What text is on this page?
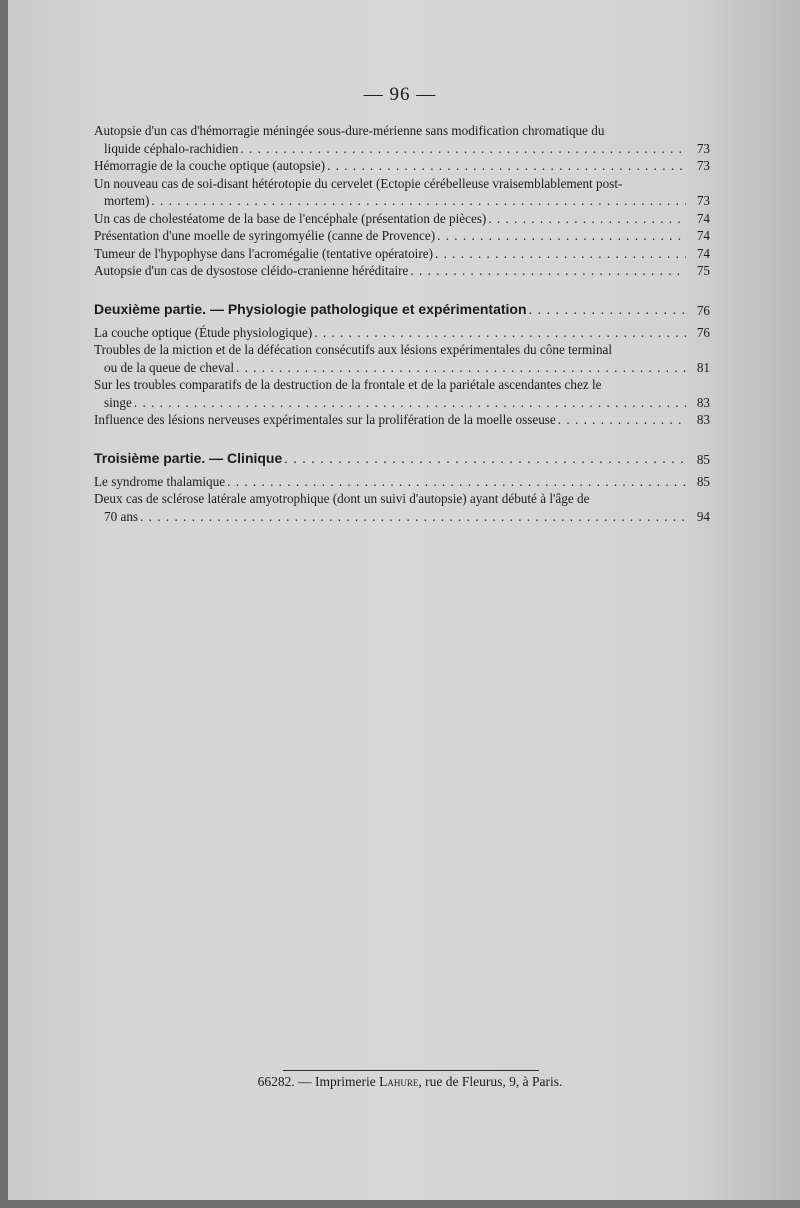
— 96 —
Autopsie d'un cas d'hémorragie méningée sous-dure-mérienne sans modification chromatique du
liquide céphalo-rachidien . . .	73
Hémorragie de la couche optique (autopsie) . . .	73
Un nouveau cas de soi-disant hétérotopie du cervelet (Ectopie cérébelleuse vraisemblablement post-
mortem) . . .	73
Un cas de cholestéatome de la base de l'encéphale (présentation de pièces) . . .	74
Présentation d'une moelle de syringomyélie (canne de Provence) . . .	74
Tumeur de l'hypophyse dans l'acromégalie (tentative opératoire) . . .	74
Autopsie d'un cas de dysostose cléido-cranienne héréditaire . . .	75
Deuxième partie. — Physiologie pathologique et expérimentation . . .	76
La couche optique (Étude physiologique) . . .	76
Troubles de la miction et de la défécation consécutifs aux lésions expérimentales du cône terminal
ou de la queue de cheval . . .	81
Sur les troubles comparatifs de la destruction de la frontale et de la pariétale ascendantes chez le
singe . . .	83
Influence des lésions nerveuses expérimentales sur la prolifération de la moelle osseuse . . .	83
Troisième partie. — Clinique . . .	85
Le syndrome thalamique . . .	85
Deux cas de sclérose latérale amyotrophique (dont un suivi d'autopsie) ayant débuté à l'âge de
70 ans . . .	94
66282. — Imprimerie Lahure, rue de Fleurus, 9, à Paris.
